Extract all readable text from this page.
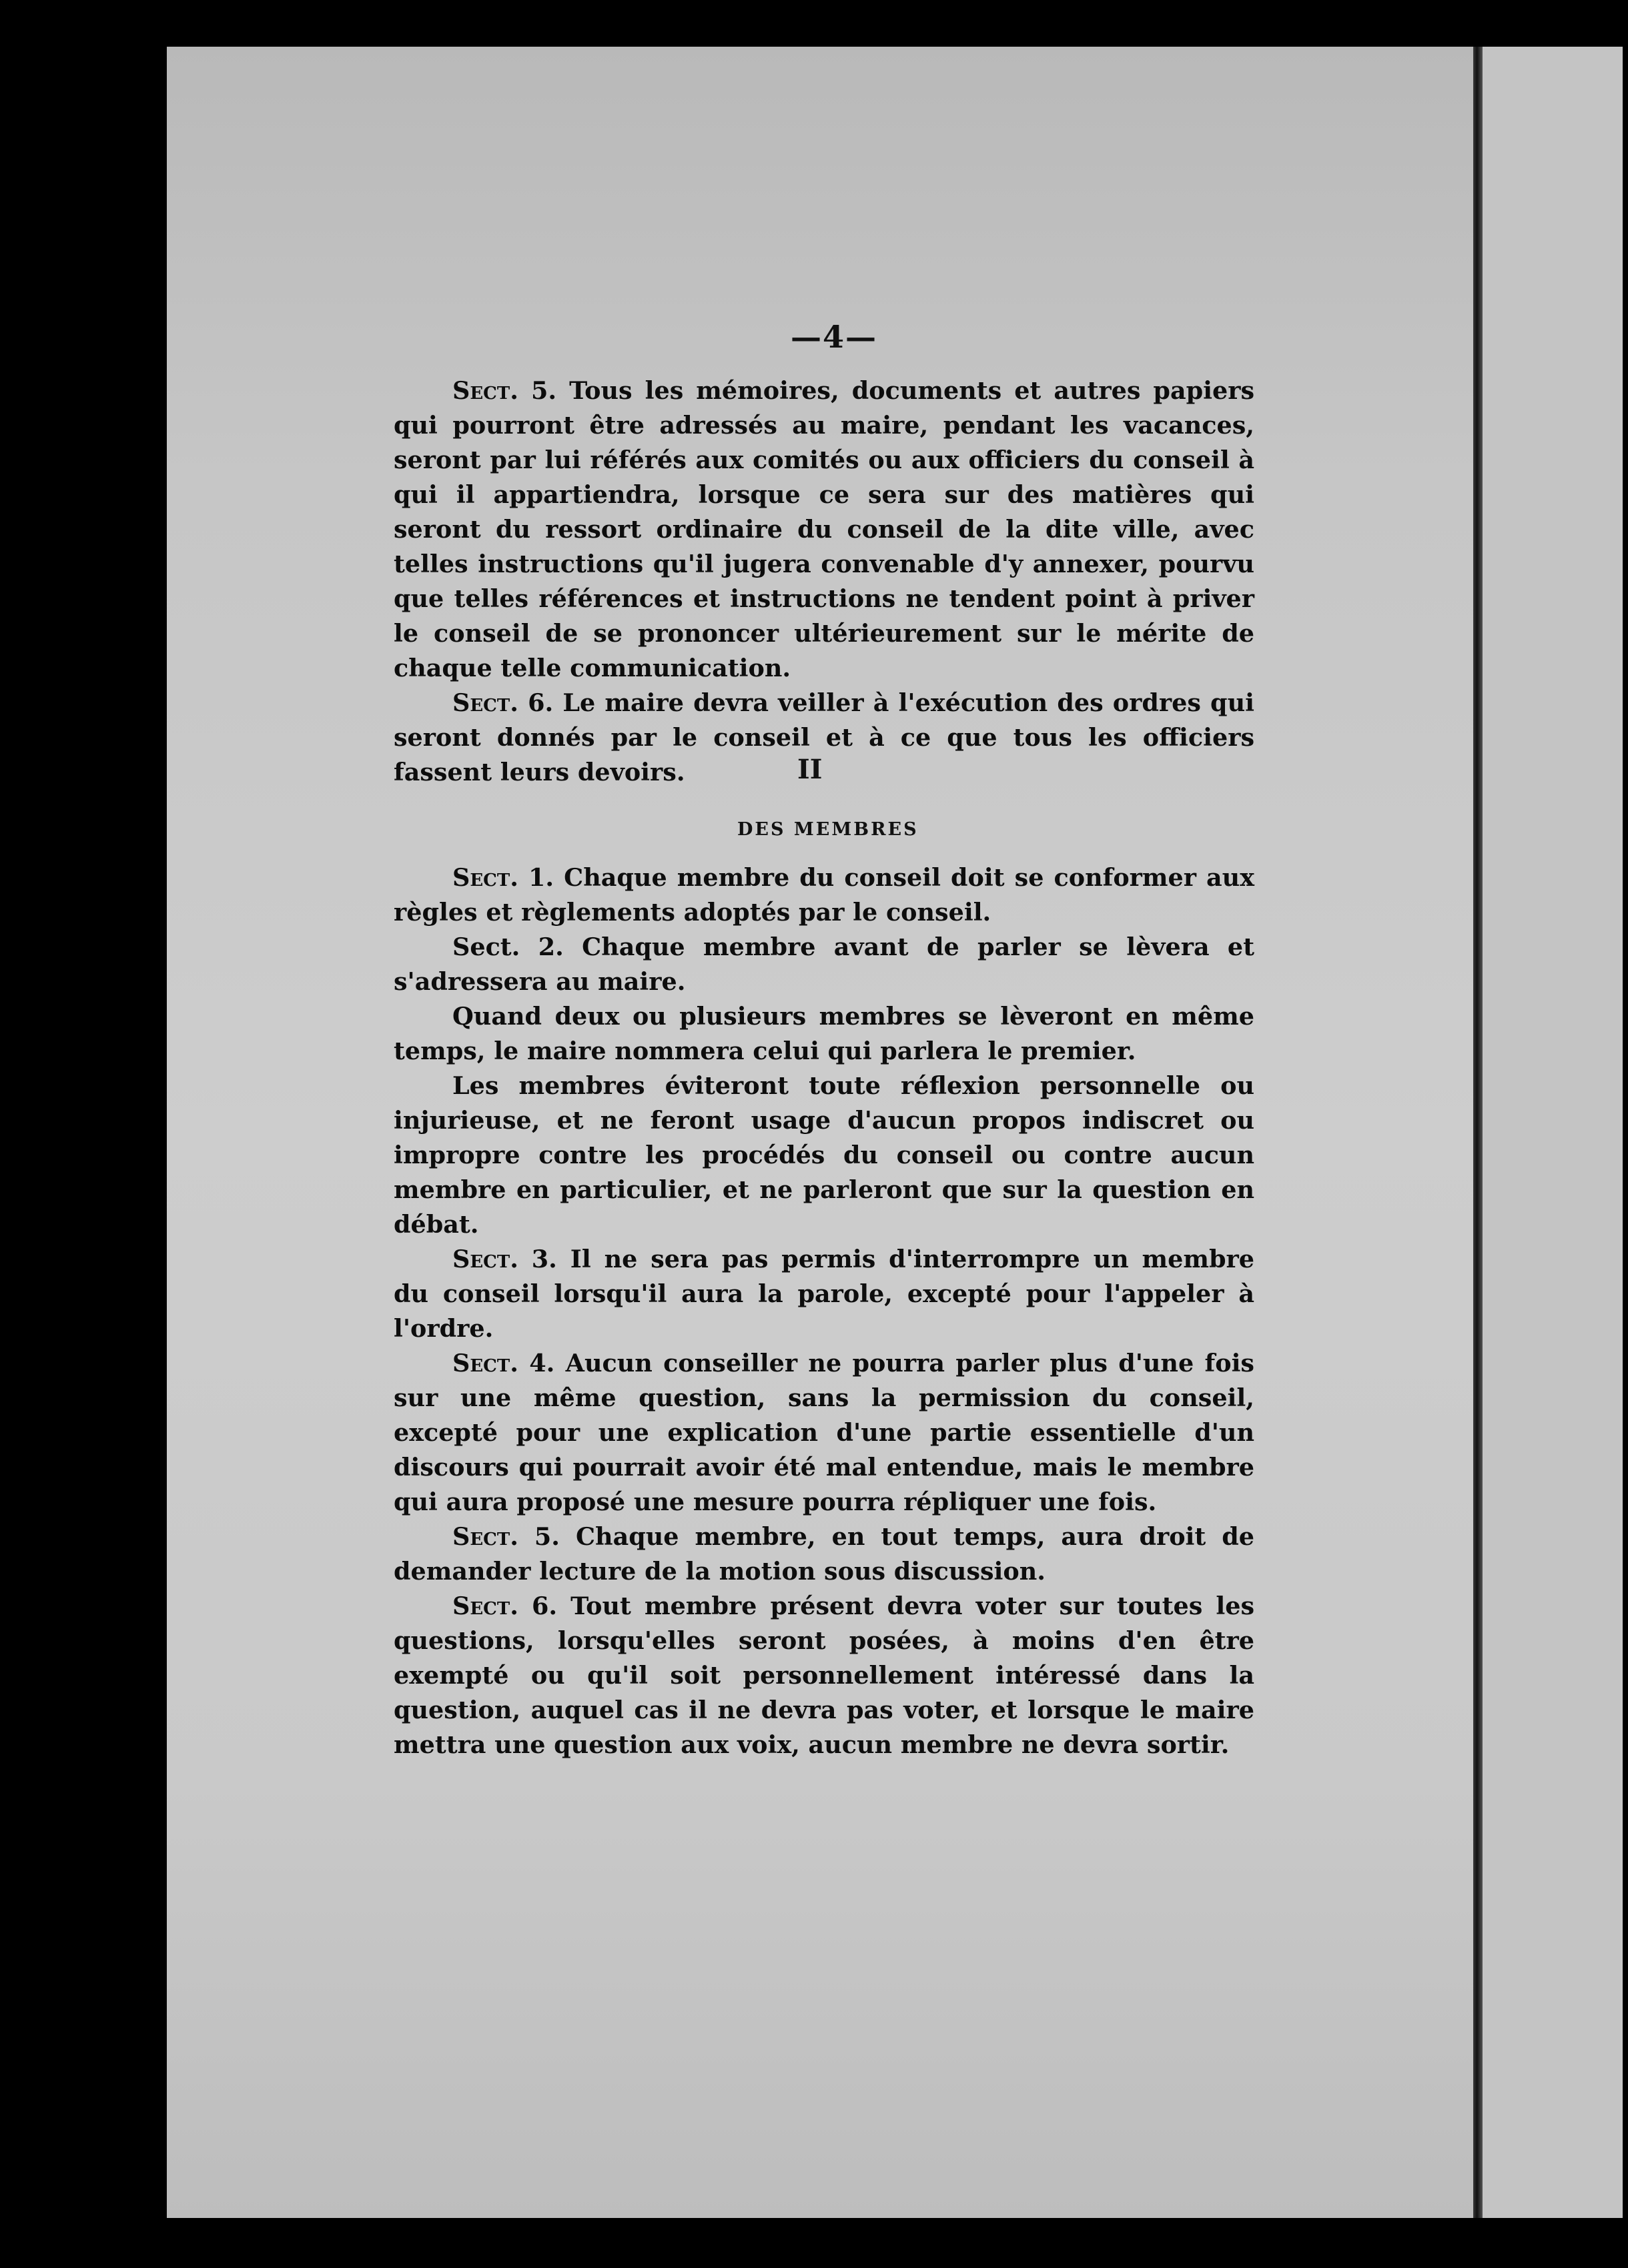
—4—

Sect. 5. Tous les mémoires, documents et autres papiers qui pourront être adressés au maire, pendant les vacances, seront par lui référés aux comités ou aux officiers du conseil à qui il appartiendra, lorsque ce sera sur des matières qui seront du ressort ordinaire du conseil de la dite ville, avec telles instructions qu'il jugera convenable d'y annexer, pourvu que telles références et instructions ne tendent point à priver le conseil de se prononcer ultérieurement sur le mérite de chaque telle communication.

Sect. 6. Le maire devra veiller à l'exécution des ordres qui seront donnés par le conseil et à ce que tous les officiers fassent leurs devoirs.	II
DES MEMBRES

Sect. 1. Chaque membre du conseil doit se conformer aux règles et règlements adoptés par le conseil.

Sect. 2. Chaque membre avant de parler se lèvera et s'adressera au maire.

Quand deux ou plusieurs membres se lèveront en même temps, le maire nommera celui qui parlera le premier.

Les membres éviteront toute réflexion personnelle ou injurieuse, et ne feront usage d'aucun propos indiscret ou impropre contre les procédés du conseil ou contre aucun membre en particulier, et ne parleront que sur la question en débat.

Sect. 3. Il ne sera pas permis d'interrompre un membre du conseil lorsqu'il aura la parole, excepté pour l'appeler à l'ordre.

Sect. 4. Aucun conseiller ne pourra parler plus d'une fois sur une même question, sans la permission du conseil, excepté pour une explication d'une partie essentielle d'un discours qui pourrait avoir été mal entendue, mais le membre qui aura proposé une mesure pourra répliquer une fois.

Sect. 5. Chaque membre, en tout temps, aura droit de demander lecture de la motion sous discussion.

Sect. 6. Tout membre présent devra voter sur toutes les questions, lorsqu'elles seront posées, à moins d'en être exempté ou qu'il soit personnellement intéressé dans la question, auquel cas il ne devra pas voter, et lorsque le maire mettra une question aux voix, aucun membre ne devra sortir.
